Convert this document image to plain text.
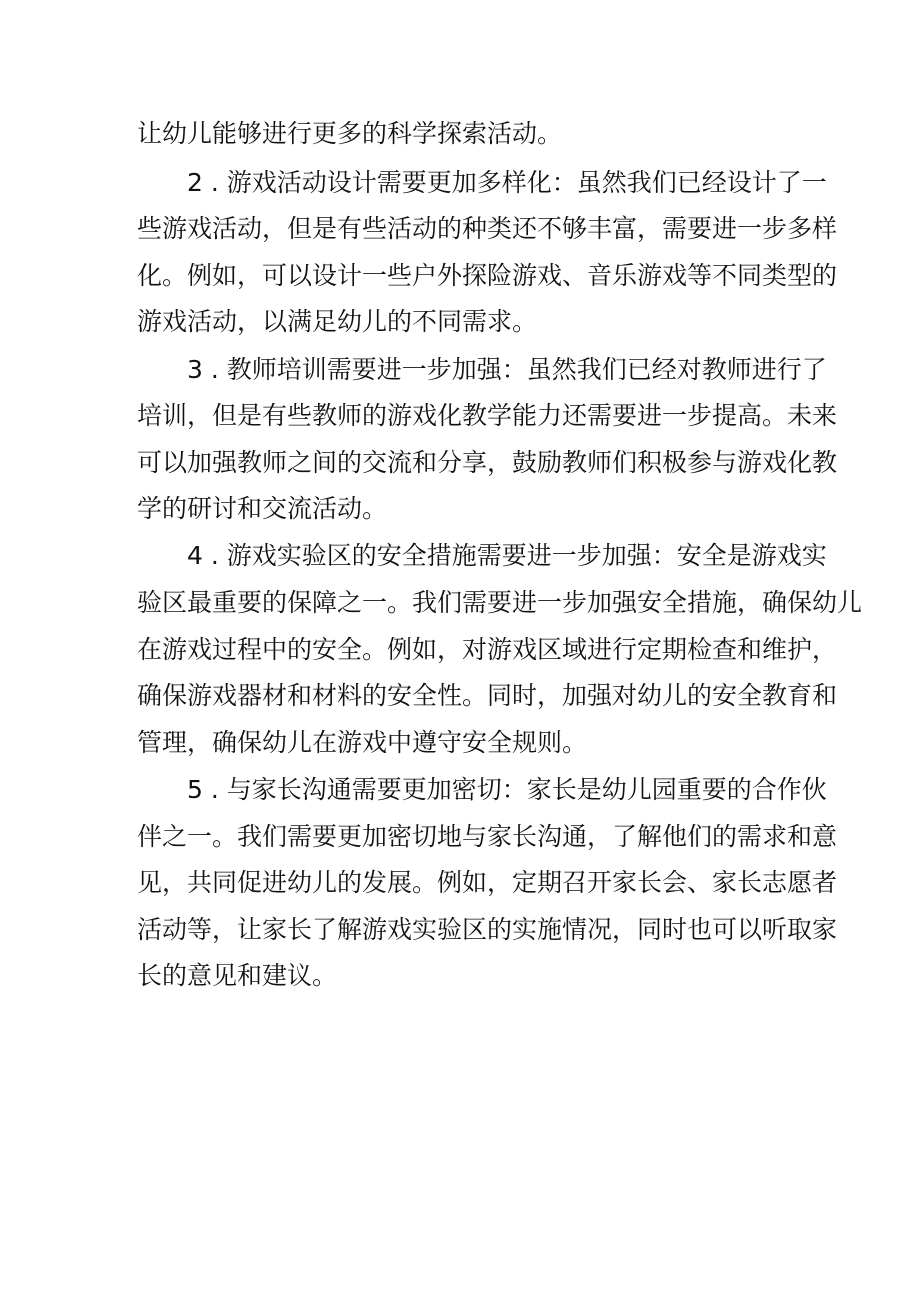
让幼儿能够进行更多的科学探索活动。
2 . 游戏活动设计需要更加多样化：虽然我们已经设计了一
些游戏活动，但是有些活动的种类还不够丰富，需要进一步多样
化。例如，可以设计一些户外探险游戏、音乐游戏等不同类型的
游戏活动，以满足幼儿的不同需求。
3 . 教师培训需要进一步加强：虽然我们已经对教师进行了
培训，但是有些教师的游戏化教学能力还需要进一步提高。未来
可以加强教师之间的交流和分享，鼓励教师们积极参与游戏化教
学的研讨和交流活动。
4 . 游戏实验区的安全措施需要进一步加强：安全是游戏实
验区最重要的保障之一。我们需要进一步加强安全措施，确保幼儿
在游戏过程中的安全。例如，对游戏区域进行定期检查和维护，
确保游戏器材和材料的安全性。同时，加强对幼儿的安全教育和
管理，确保幼儿在游戏中遵守安全规则。
5 . 与家长沟通需要更加密切：家长是幼儿园重要的合作伙
伴之一。我们需要更加密切地与家长沟通，了解他们的需求和意
见，共同促进幼儿的发展。例如，定期召开家长会、家长志愿者
活动等，让家长了解游戏实验区的实施情况，同时也可以听取家
长的意见和建议。
